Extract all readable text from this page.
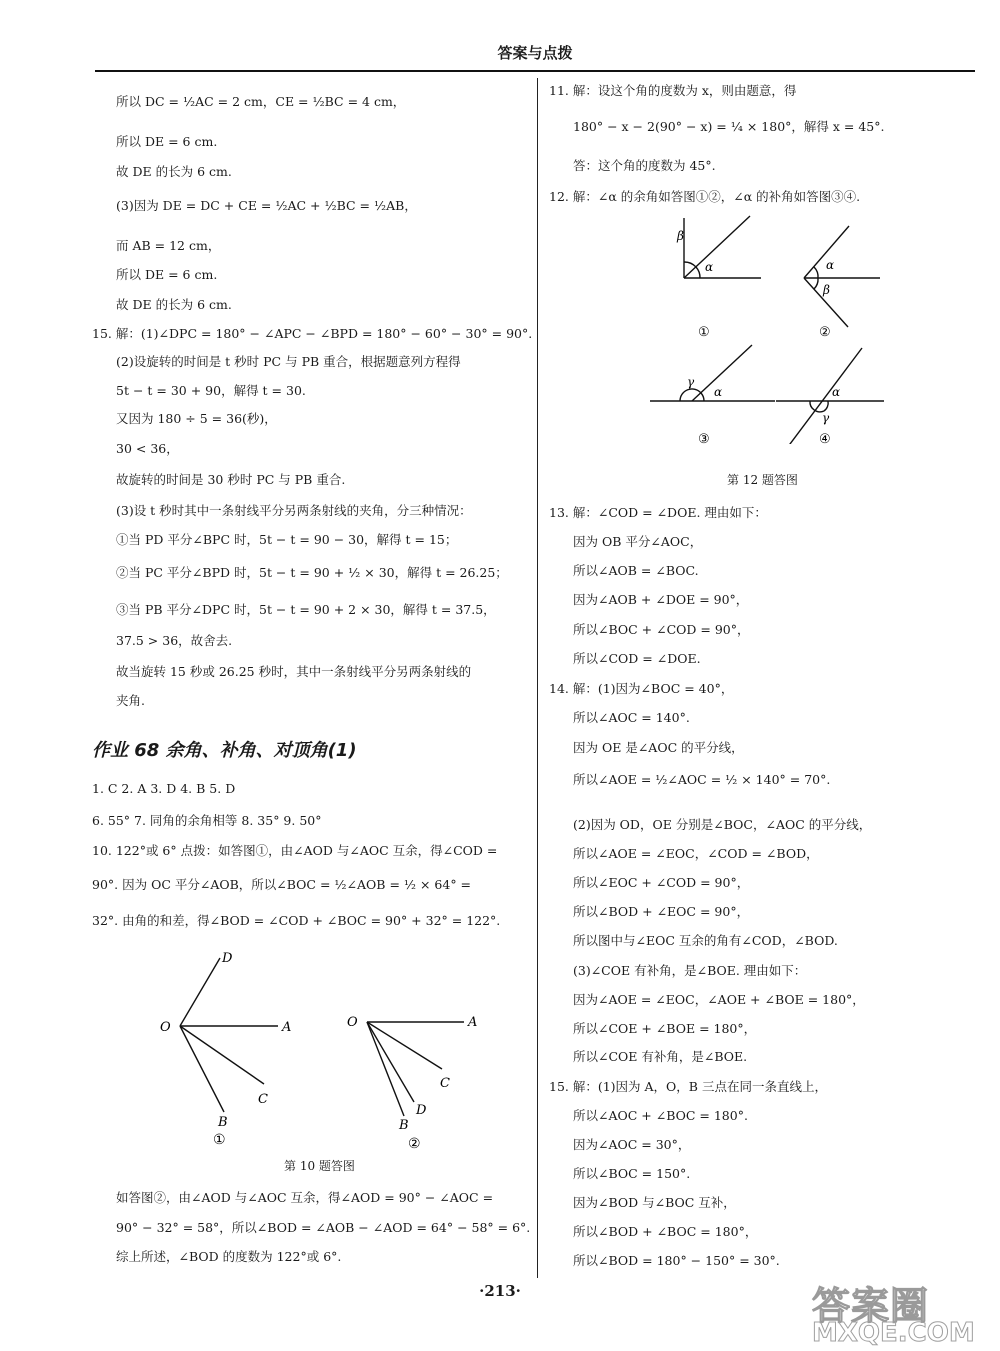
答案与点拨
所以 DC = ½AC = 2 cm，CE = ½BC = 4 cm，
所以 DE = 6 cm.
故 DE 的长为 6 cm.
(3)因为 DE = DC + CE = ½AC + ½BC = ½AB，
而 AB = 12 cm，
所以 DE = 6 cm.
故 DE 的长为 6 cm.
15. 解：(1)∠DPC = 180° − ∠APC − ∠BPD = 180° − 60° − 30° = 90°.
(2)设旋转的时间是 t 秒时 PC 与 PB 重合，根据题意列方程得
5t − t = 30 + 90，解得 t = 30.
又因为 180 ÷ 5 = 36(秒)，
30 < 36，
故旋转的时间是 30 秒时 PC 与 PB 重合.
(3)设 t 秒时其中一条射线平分另两条射线的夹角，分三种情况：
①当 PD 平分∠BPC 时，5t − t = 90 − 30，解得 t = 15；
②当 PC 平分∠BPD 时，5t − t = 90 + ½ × 30，解得 t = 26.25；
③当 PB 平分∠DPC 时，5t − t = 90 + 2 × 30，解得 t = 37.5，
37.5 > 36，故舍去.
故当旋转 15 秒或 26.25 秒时，其中一条射线平分另两条射线的
夹角.
作业 68 余角、补角、对顶角(1)
1. C 2. A 3. D 4. B 5. D
6. 55° 7. 同角的余角相等 8. 35° 9. 50°
10. 122°或 6° 点拨：如答图①，由∠AOD 与∠AOC 互余，得∠COD =
90°. 因为 OC 平分∠AOB，所以∠BOC = ½∠AOB = ½ × 64° =
32°. 由角的和差，得∠BOD = ∠COD + ∠BOC = 90° + 32° = 122°.
D
O	A
C
B
①
O	A
C
D
B
②
第 10 题答图
如答图②，由∠AOD 与∠AOC 互余，得∠AOD = 90° − ∠AOC =
90° − 32° = 58°，所以∠BOD = ∠AOB − ∠AOD = 64° − 58° = 6°.
综上所述，∠BOD 的度数为 122°或 6°.
11. 解：设这个角的度数为 x，则由题意，得
180° − x − 2(90° − x) = ¼ × 180°，解得 x = 45°.
答：这个角的度数为 45°.
12. 解：∠α 的余角如答图①②，∠α 的补角如答图③④.
β
α
①
α
β
②
γ
α
③
α
γ
④
第 12 题答图
13. 解：∠COD = ∠DOE. 理由如下：
因为 OB 平分∠AOC，
所以∠AOB = ∠BOC.
因为∠AOB + ∠DOE = 90°，
所以∠BOC + ∠COD = 90°，
所以∠COD = ∠DOE.
14. 解：(1)因为∠BOC = 40°，
所以∠AOC = 140°.
因为 OE 是∠AOC 的平分线，
所以∠AOE = ½∠AOC = ½ × 140° = 70°.
(2)因为 OD，OE 分别是∠BOC，∠AOC 的平分线，
所以∠AOE = ∠EOC，∠COD = ∠BOD，
所以∠EOC + ∠COD = 90°，
所以∠BOD + ∠EOC = 90°，
所以图中与∠EOC 互余的角有∠COD，∠BOD.
(3)∠COE 有补角，是∠BOE. 理由如下：
因为∠AOE = ∠EOC，∠AOE + ∠BOE = 180°，
所以∠COE + ∠BOE = 180°，
所以∠COE 有补角，是∠BOE.
15. 解：(1)因为 A，O，B 三点在同一条直线上，
所以∠AOC + ∠BOC = 180°.
因为∠AOC = 30°，
所以∠BOC = 150°.
因为∠BOD 与∠BOC 互补，
所以∠BOD + ∠BOC = 180°，
所以∠BOD = 180° − 150° = 30°.
·213·	答案圈
MXQE.COM
